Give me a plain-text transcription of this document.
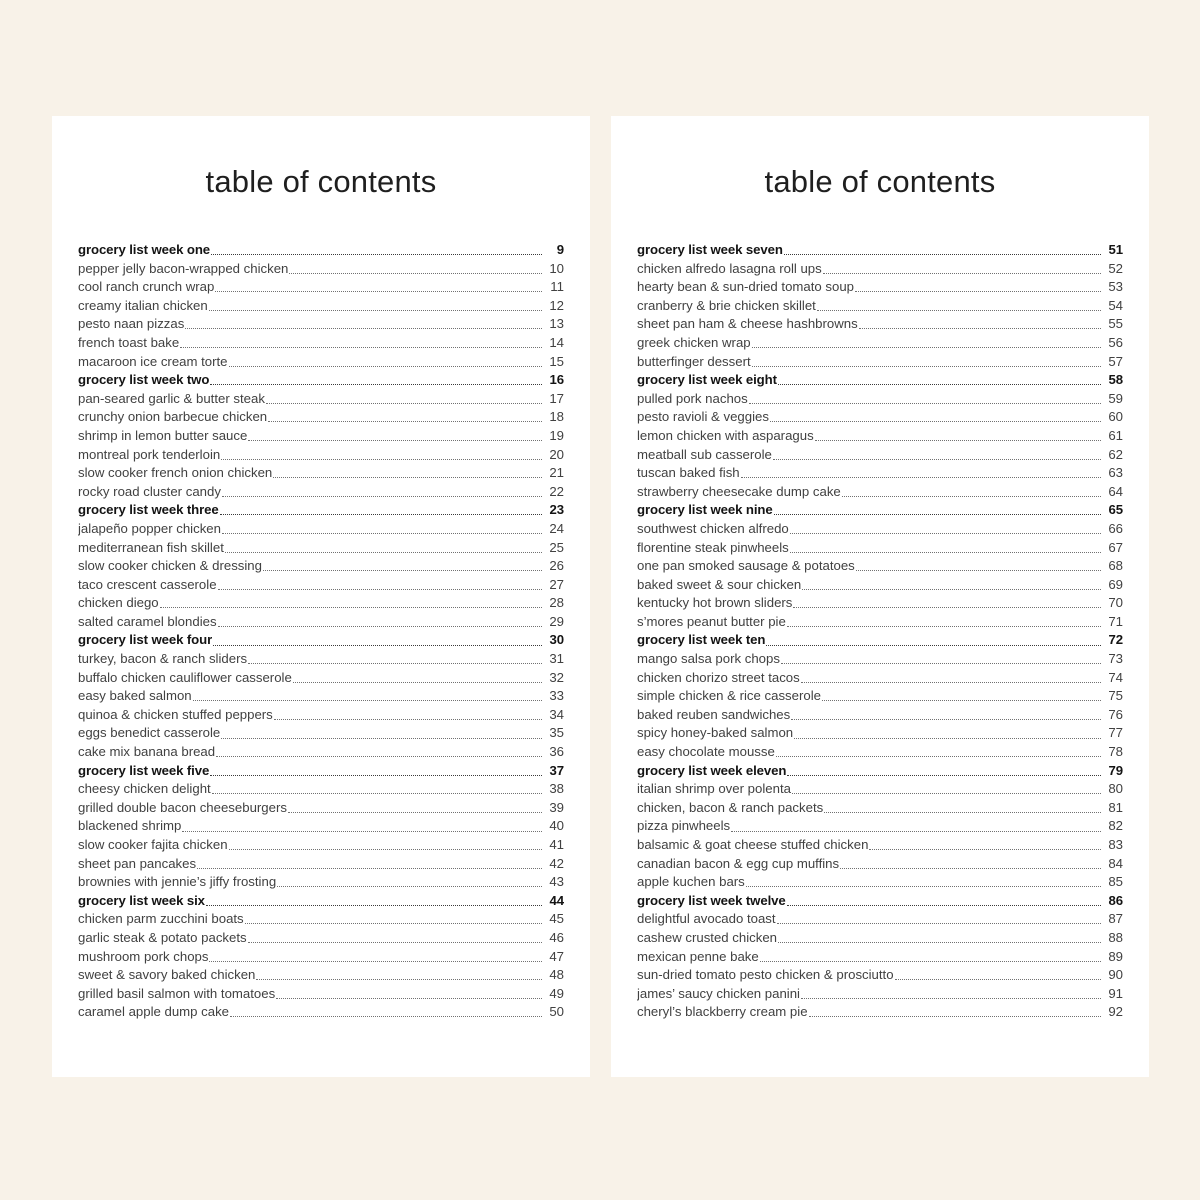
table of contents
grocery list week one	9
pepper jelly bacon-wrapped chicken	10
cool ranch crunch wrap	11
creamy italian chicken	12
pesto naan pizzas	13
french toast bake	14
macaroon ice cream torte	15
grocery list week two	16
pan-seared garlic & butter steak	17
crunchy onion barbecue chicken	18
shrimp in lemon butter sauce	19
montreal pork tenderloin	20
slow cooker french onion chicken	21
rocky road cluster candy	22
grocery list week three	23
jalapeño popper chicken	24
mediterranean fish skillet	25
slow cooker chicken & dressing	26
taco crescent casserole	27
chicken diego	28
salted caramel blondies	29
grocery list week four	30
turkey, bacon & ranch sliders	31
buffalo chicken cauliflower casserole	32
easy baked salmon	33
quinoa & chicken stuffed peppers	34
eggs benedict casserole	35
cake mix banana bread	36
grocery list week five	37
cheesy chicken delight	38
grilled double bacon cheeseburgers	39
blackened shrimp	40
slow cooker fajita chicken	41
sheet pan pancakes	42
brownies with jennie’s jiffy frosting	43
grocery list week six	44
chicken parm zucchini boats	45
garlic steak & potato packets	46
mushroom pork chops	47
sweet & savory baked chicken	48
grilled basil salmon with tomatoes	49
caramel apple dump cake	50
table of contents
grocery list week seven	51
chicken alfredo lasagna roll ups	52
hearty bean & sun-dried tomato soup	53
cranberry & brie chicken skillet	54
sheet pan ham & cheese hashbrowns	55
greek chicken wrap	56
butterfinger dessert	57
grocery list week eight	58
pulled pork nachos	59
pesto ravioli & veggies	60
lemon chicken with asparagus	61
meatball sub casserole	62
tuscan baked fish	63
strawberry cheesecake dump cake	64
grocery list week nine	65
southwest chicken alfredo	66
florentine steak pinwheels	67
one pan smoked sausage & potatoes	68
baked sweet & sour chicken	69
kentucky hot brown sliders	70
s’mores peanut butter pie	71
grocery list week ten	72
mango salsa pork chops	73
chicken chorizo street tacos	74
simple chicken & rice casserole	75
baked reuben sandwiches	76
spicy honey-baked salmon	77
easy chocolate mousse	78
grocery list week eleven	79
italian shrimp over polenta	80
chicken, bacon & ranch packets	81
pizza pinwheels	82
balsamic & goat cheese stuffed chicken	83
canadian bacon & egg cup muffins	84
apple kuchen bars	85
grocery list week twelve	86
delightful avocado toast	87
cashew crusted chicken	88
mexican penne bake	89
sun-dried tomato pesto chicken & prosciutto	90
james’ saucy chicken panini	91
cheryl’s blackberry cream pie	92
